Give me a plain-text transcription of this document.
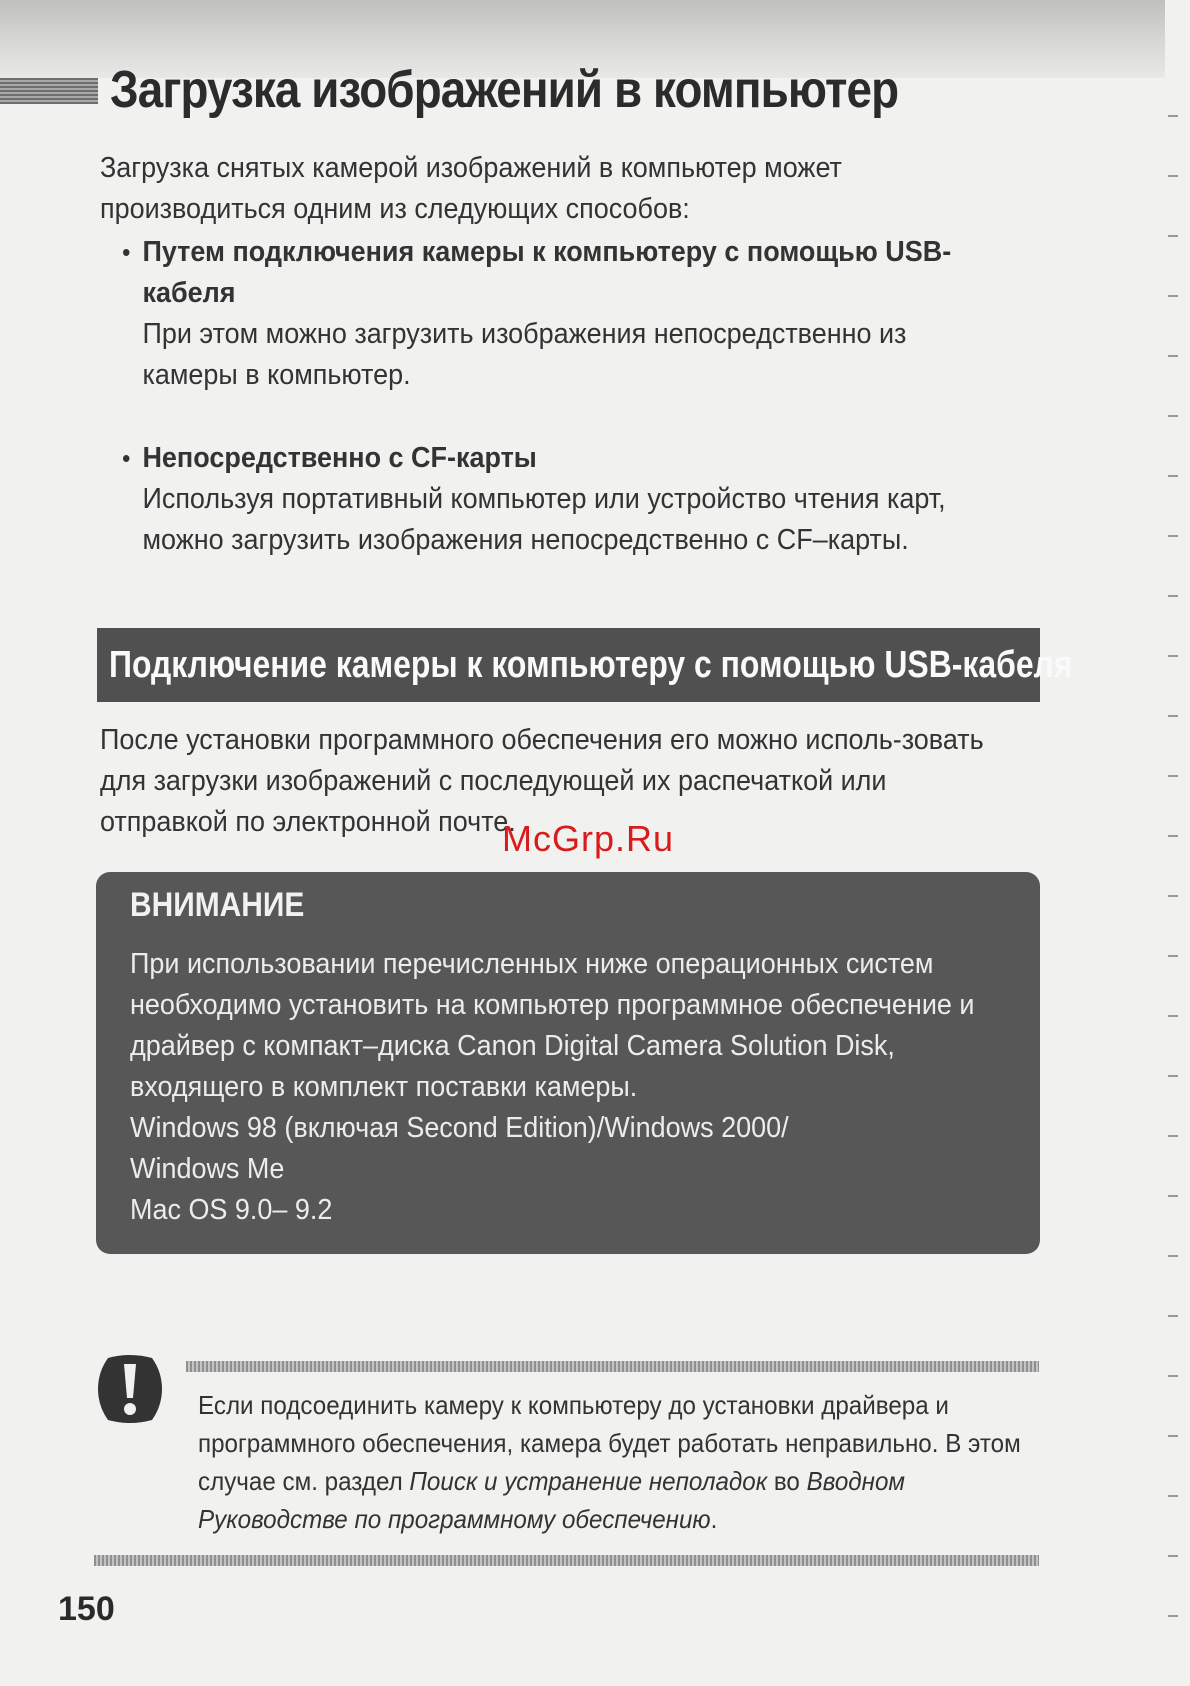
Загрузка изображений в компьютер

Загрузка снятых камерой изображений в компьютер может производиться одним из следующих способов:

• Путем подключения камеры к компьютеру с помощью USB-кабеля

При этом можно загрузить изображения непосредственно из камеры в компьютер.

• Непосредственно с CF-карты

Используя портативный компьютер или устройство чтения карт, можно загрузить изображения непосредственно с CF–карты.

Подключение камеры к компьютеру с помощью USB-кабеля

После установки программного обеспечения его можно исполь-зовать для загрузки изображений с последующей их распечаткой или отправкой по электронной почте.

McGrp.Ru

ВНИМАНИЕ

При использовании перечисленных ниже операционных систем необходимо установить на компьютер программное обеспечение и драйвер с компакт–диска Canon Digital Camera Solution Disk, входящего в комплект поставки камеры.
Windows 98 (включая Second Edition)/Windows 2000/
Windows Me
Mac OS 9.0– 9.2

Если подсоединить камеру к компьютеру до установки драйвера и программного обеспечения, камера будет работать неправильно. В этом случае см. раздел Поиск и устранение неполадок во Вводном Руководстве по программному обеспечению.

150
